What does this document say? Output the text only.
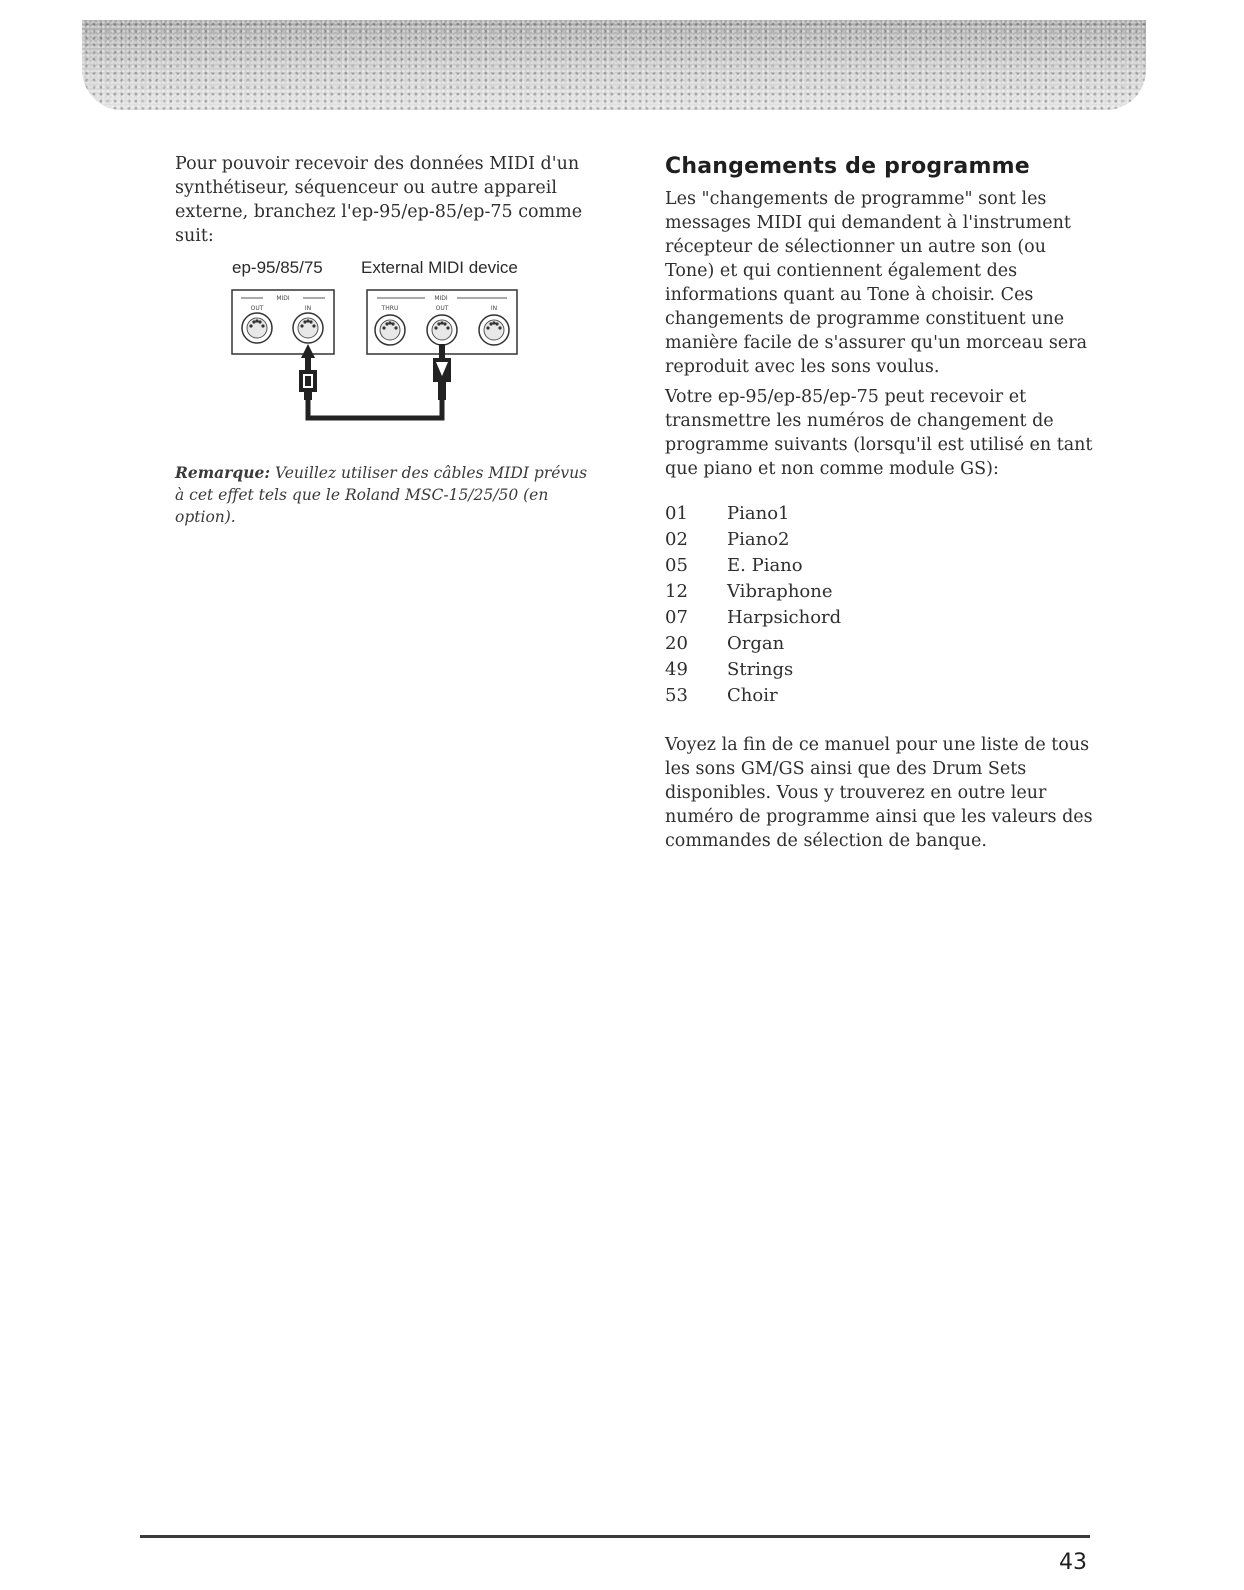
Pour pouvoir recevoir des données MIDI d'un synthétiseur, séquenceur ou autre appareil externe, branchez l'ep-95/ep-85/ep-75 comme suit:

ep-95/85/75 External MIDI device
MIDI
OUT	IN
MIDI
THRU	OUT	IN

Remarque: Veuillez utiliser des câbles MIDI prévus à cet effet tels que le Roland MSC-15/25/50 (en option).

Changements de programme

Les "changements de programme" sont les messages MIDI qui demandent à l'instrument récepteur de sélectionner un autre son (ou Tone) et qui contiennent également des informations quant au Tone à choisir. Ces changements de programme constituent une manière facile de s'assurer qu'un morceau sera reproduit avec les sons voulus.

Votre ep-95/ep-85/ep-75 peut recevoir et transmettre les numéros de changement de programme suivants (lorsqu'il est utilisé en tant que piano et non comme module GS):

01	Piano1
02	Piano2
05	E. Piano
12	Vibraphone
07	Harpsichord
20	Organ
49	Strings
53	Choir

Voyez la fin de ce manuel pour une liste de tous les sons GM/GS ainsi que des Drum Sets disponibles. Vous y trouverez en outre leur numéro de programme ainsi que les valeurs des commandes de sélection de banque.

43
